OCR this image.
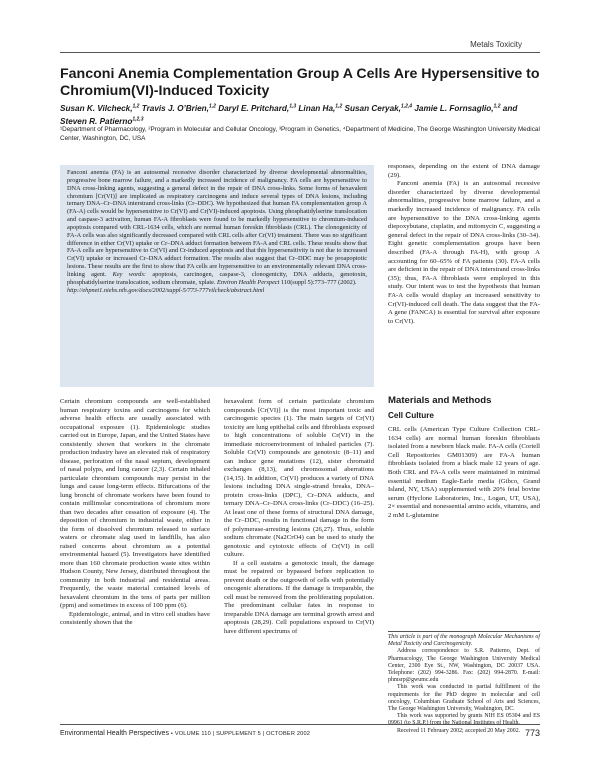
Metals Toxicity
Fanconi Anemia Complementation Group A Cells Are Hypersensitive to Chromium(VI)-Induced Toxicity

Susan K. Vilcheck,$^{1,2}$ Travis J. O’Brien,$^{1,2}$ Daryl E. Pritchard,$^{1,3}$ Linan Ha,$^{1,2}$ Susan Ceryak,$^{1,2,4}$ Jamie L. Fornsaglio,$^{1,2}$ and Steven R. Patierno$^{1,2,3}$

¹Department of Pharmacology, ²Program in Molecular and Cellular Oncology, ³Program in Genetics, ⁴Department of Medicine, The George Washington University Medical Center, Washington, DC, USA

Fanconi anemia (FA) is an autosomal recessive disorder characterized by diverse developmental abnormalities, progressive bone marrow failure, and a markedly increased incidence of malignancy. FA cells are hypersensitive to DNA cross-linking agents, suggesting a general defect in the repair of DNA cross-links. Some forms of hexavalent chromium [Cr(VI)] are implicated as respiratory carcinogens and induce several types of DNA lesions, including ternary DNA–Cr–DNA interstrand cross-links (Cr–DDC). We hypothesized that human FA complementation group A (FA-A) cells would be hypersensitive to Cr(VI) and Cr(VI)-induced apoptosis. Using phosphatidylserine translocation and caspase-3 activation, human FA-A fibroblasts were found to be markedly hypersensitive to chromium-induced apoptosis compared with CRL-1634 cells, which are normal human foreskin fibroblasts (CRL). The clonogenicity of FA-A cells was also significantly decreased compared with CRL cells after Cr(VI) treatment. There was no significant difference in either Cr(VI) uptake or Cr–DNA adduct formation between FA-A and CRL cells. These results show that FA-A cells are hypersensitive to Cr(VI) and Cr-induced apoptosis and that this hypersensitivity is not due to increased Cr(VI) uptake or increased Cr–DNA adduct formation. The results also suggest that Cr–DDC may be proapoptotic lesions. These results are the first to show that FA cells are hypersensitive to an environmentally relevant DNA cross-linking agent. Key words: apoptosis, carcinogen, caspase-3, clonogenicity, DNA adducts, genotoxin, phosphatidylserine translocation, sodium chromate, xplate. Environ Health Perspect 110(suppl 5):773–777 (2002).

http://ehpnet1.niehs.nih.gov/docs/2002/suppl-5/773-777vilcheck/abstract.html

responses, depending on the extent of DNA damage (29).

Fanconi anemia (FA) is an autosomal recessive disorder characterized by diverse developmental abnormalities, progressive bone marrow failure, and a markedly increased incidence of malignancy. FA cells are hypersensitive to the DNA cross-linking agents diepoxybutane, cisplatin, and mitomycin C, suggesting a general defect in the repair of DNA cross-links (30–34). Eight genetic complementation groups have been described (FA-A through FA-H), with group A accounting for 60–65% of FA patients (30). FA-A cells are deficient in the repair of DNA interstrand cross-links (35); thus, FA-A fibroblasts were employed in this study. Our intent was to test the hypothesis that human FA-A cells would display an increased sensitivity to Cr(VI)-induced cell death. The data suggest that the FA-A gene (FANCA) is essential for survival after exposure to Cr(VI).

Materials and Methods
Cell Culture

CRL cells (American Type Culture Collection CRL-1634 cells) are normal human foreskin fibroblasts isolated from a newborn black male. FA-A cells (Coriell Cell Repositories GM01309) are FA-A human fibroblasts isolated from a black male 12 years of age. Both CRL and FA-A cells were maintained in minimal essential medium Eagle-Earle media (Gibco, Grand Island, NY, USA) supplemented with 20% fetal bovine serum (Hyclone Laboratories, Inc., Logan, UT, USA), 2× essential and nonessential amino acids, vitamins, and 2 mM L-glutamine

Certain chromium compounds are well-established human respiratory toxins and carcinogens for which adverse health effects are usually associated with occupational exposure (1). Epidemiologic studies carried out in Europe, Japan, and the United States have consistently shown that workers in the chromate production industry have an elevated risk of respiratory disease, perforation of the nasal septum, development of nasal polyps, and lung cancer (2,3). Certain inhaled particulate chromium compounds may persist in the lungs and cause long-term effects. Bifurcations of the lung bronchi of chromate workers have been found to contain millimolar concentrations of chromium more than two decades after cessation of exposure (4). The deposition of chromium in industrial waste, either in the form of dissolved chromium released to surface waters or chromate slag used in landfills, has also raised concerns about chromium as a potential environmental hazard (5). Investigators have identified more than 160 chromate production waste sites within Hudson County, New Jersey, distributed throughout the community in both industrial and residential areas. Frequently, the waste material contained levels of hexavalent chromium in the tens of parts per million (ppm) and sometimes in excess of 100 ppm (6).

Epidemiologic, animal, and in vitro cell studies have consistently shown that the

hexavalent form of certain particulate chromium compounds [Cr(VI)] is the most important toxic and carcinogenic species (1). The main targets of Cr(VI) toxicity are lung epithelial cells and fibroblasts exposed to high concentrations of soluble Cr(VI) in the immediate microenvironment of inhaled particles (7). Soluble Cr(VI) compounds are genotoxic (8–11) and can induce gene mutations (12), sister chromatid exchanges (8,13), and chromosomal aberrations (14,15). In addition, Cr(VI) produces a variety of DNA lesions including DNA single-strand breaks, DNA–protein cross-links (DPC), Cr–DNA adducts, and ternary DNA–Cr–DNA cross-links (Cr–DDC) (16–25). At least one of these forms of structural DNA damage, the Cr–DDC, results in functional damage in the form of polymerase-arresting lesions (26,27). Thus, soluble sodium chromate (Na2CrO4) can be used to study the genotoxic and cytotoxic effects of Cr(VI) in cell culture.

If a cell sustains a genotoxic insult, the damage must be repaired or bypassed before replication to prevent death or the outgrowth of cells with potentially oncogenic alterations. If the damage is irreparable, the cell must be removed from the proliferating population. The predominant cellular fates in response to irreparable DNA damage are terminal growth arrest and apoptosis (28,29). Cell populations exposed to Cr(VI) have different spectrums of

This article is part of the monograph Molecular Mechanisms of Metal Toxicity and Carcinogenicity.

Address correspondence to S.R. Patierno, Dept. of Pharmacology, The George Washington University Medical Center, 2300 Eye St., NW, Washington, DC 20037 USA. Telephone: (202) 994-3286. Fax: (202) 994-2870. E-mail: phmsrp@gwumc.edu

This work was conducted in partial fulfillment of the requirements for the PhD degree in molecular and cell oncology, Columbian Graduate School of Arts and Sciences, The George Washington University, Washington, DC.

This work was supported by grants NIH ES 05304 and ES 09961 (to S.R.P.) from the National Institutes of Health.

Received 11 February 2002; accepted 20 May 2002.

Environmental Health Perspectives • VOLUME 110 | SUPPLEMENT 5 | OCTOBER 2002	773
